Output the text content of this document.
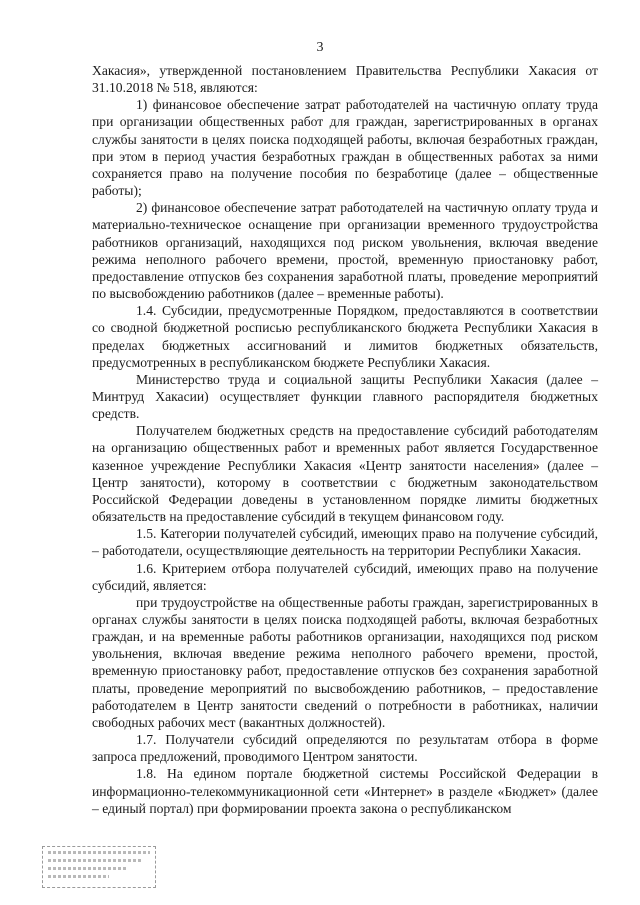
3

Хакасия», утвержденной постановлением Правительства Республики Хакасия от 31.10.2018 № 518, являются:

1) финансовое обеспечение затрат работодателей на частичную оплату труда при организации общественных работ для граждан, зарегистрированных в органах службы занятости в целях поиска подходящей работы, включая безработных граждан, при этом в период участия безработных граждан в общественных работах за ними сохраняется право на получение пособия по безработице (далее – общественные работы);

2) финансовое обеспечение затрат работодателей на частичную оплату труда и материально-техническое оснащение при организации временного трудоустройства работников организаций, находящихся под риском увольнения, включая введение режима неполного рабочего времени, простой, временную приостановку работ, предоставление отпусков без сохранения заработной платы, проведение мероприятий по высвобождению работников (далее – временные работы).

1.4. Субсидии, предусмотренные Порядком, предоставляются в соответствии со сводной бюджетной росписью республиканского бюджета Республики Хакасия в пределах бюджетных ассигнований и лимитов бюджетных обязательств, предусмотренных в республиканском бюджете Республики Хакасия.

Министерство труда и социальной защиты Республики Хакасия (далее – Минтруд Хакасии) осуществляет функции главного распорядителя бюджетных средств.

Получателем бюджетных средств на предоставление субсидий работодателям на организацию общественных работ и временных работ является Государственное казенное учреждение Республики Хакасия «Центр занятости населения» (далее – Центр занятости), которому в соответствии с бюджетным законодательством Российской Федерации доведены в установленном порядке лимиты бюджетных обязательств на предоставление субсидий в текущем финансовом году.

1.5. Категории получателей субсидий, имеющих право на получение субсидий, – работодатели, осуществляющие деятельность на территории Республики Хакасия.

1.6. Критерием отбора получателей субсидий, имеющих право на получение субсидий, является:

при трудоустройстве на общественные работы граждан, зарегистрированных в органах службы занятости в целях поиска подходящей работы, включая безработных граждан, и на временные работы работников организации, находящихся под риском увольнения, включая введение режима неполного рабочего времени, простой, временную приостановку работ, предоставление отпусков без сохранения заработной платы, проведение мероприятий по высвобождению работников, – предоставление работодателем в Центр занятости сведений о потребности в работниках, наличии свободных рабочих мест (вакантных должностей).

1.7. Получатели субсидий определяются по результатам отбора в форме запроса предложений, проводимого Центром занятости.

1.8. На едином портале бюджетной системы Российской Федерации в информационно-телекоммуникационной сети «Интернет» в разделе «Бюджет» (далее – единый портал) при формировании проекта закона о республиканском
